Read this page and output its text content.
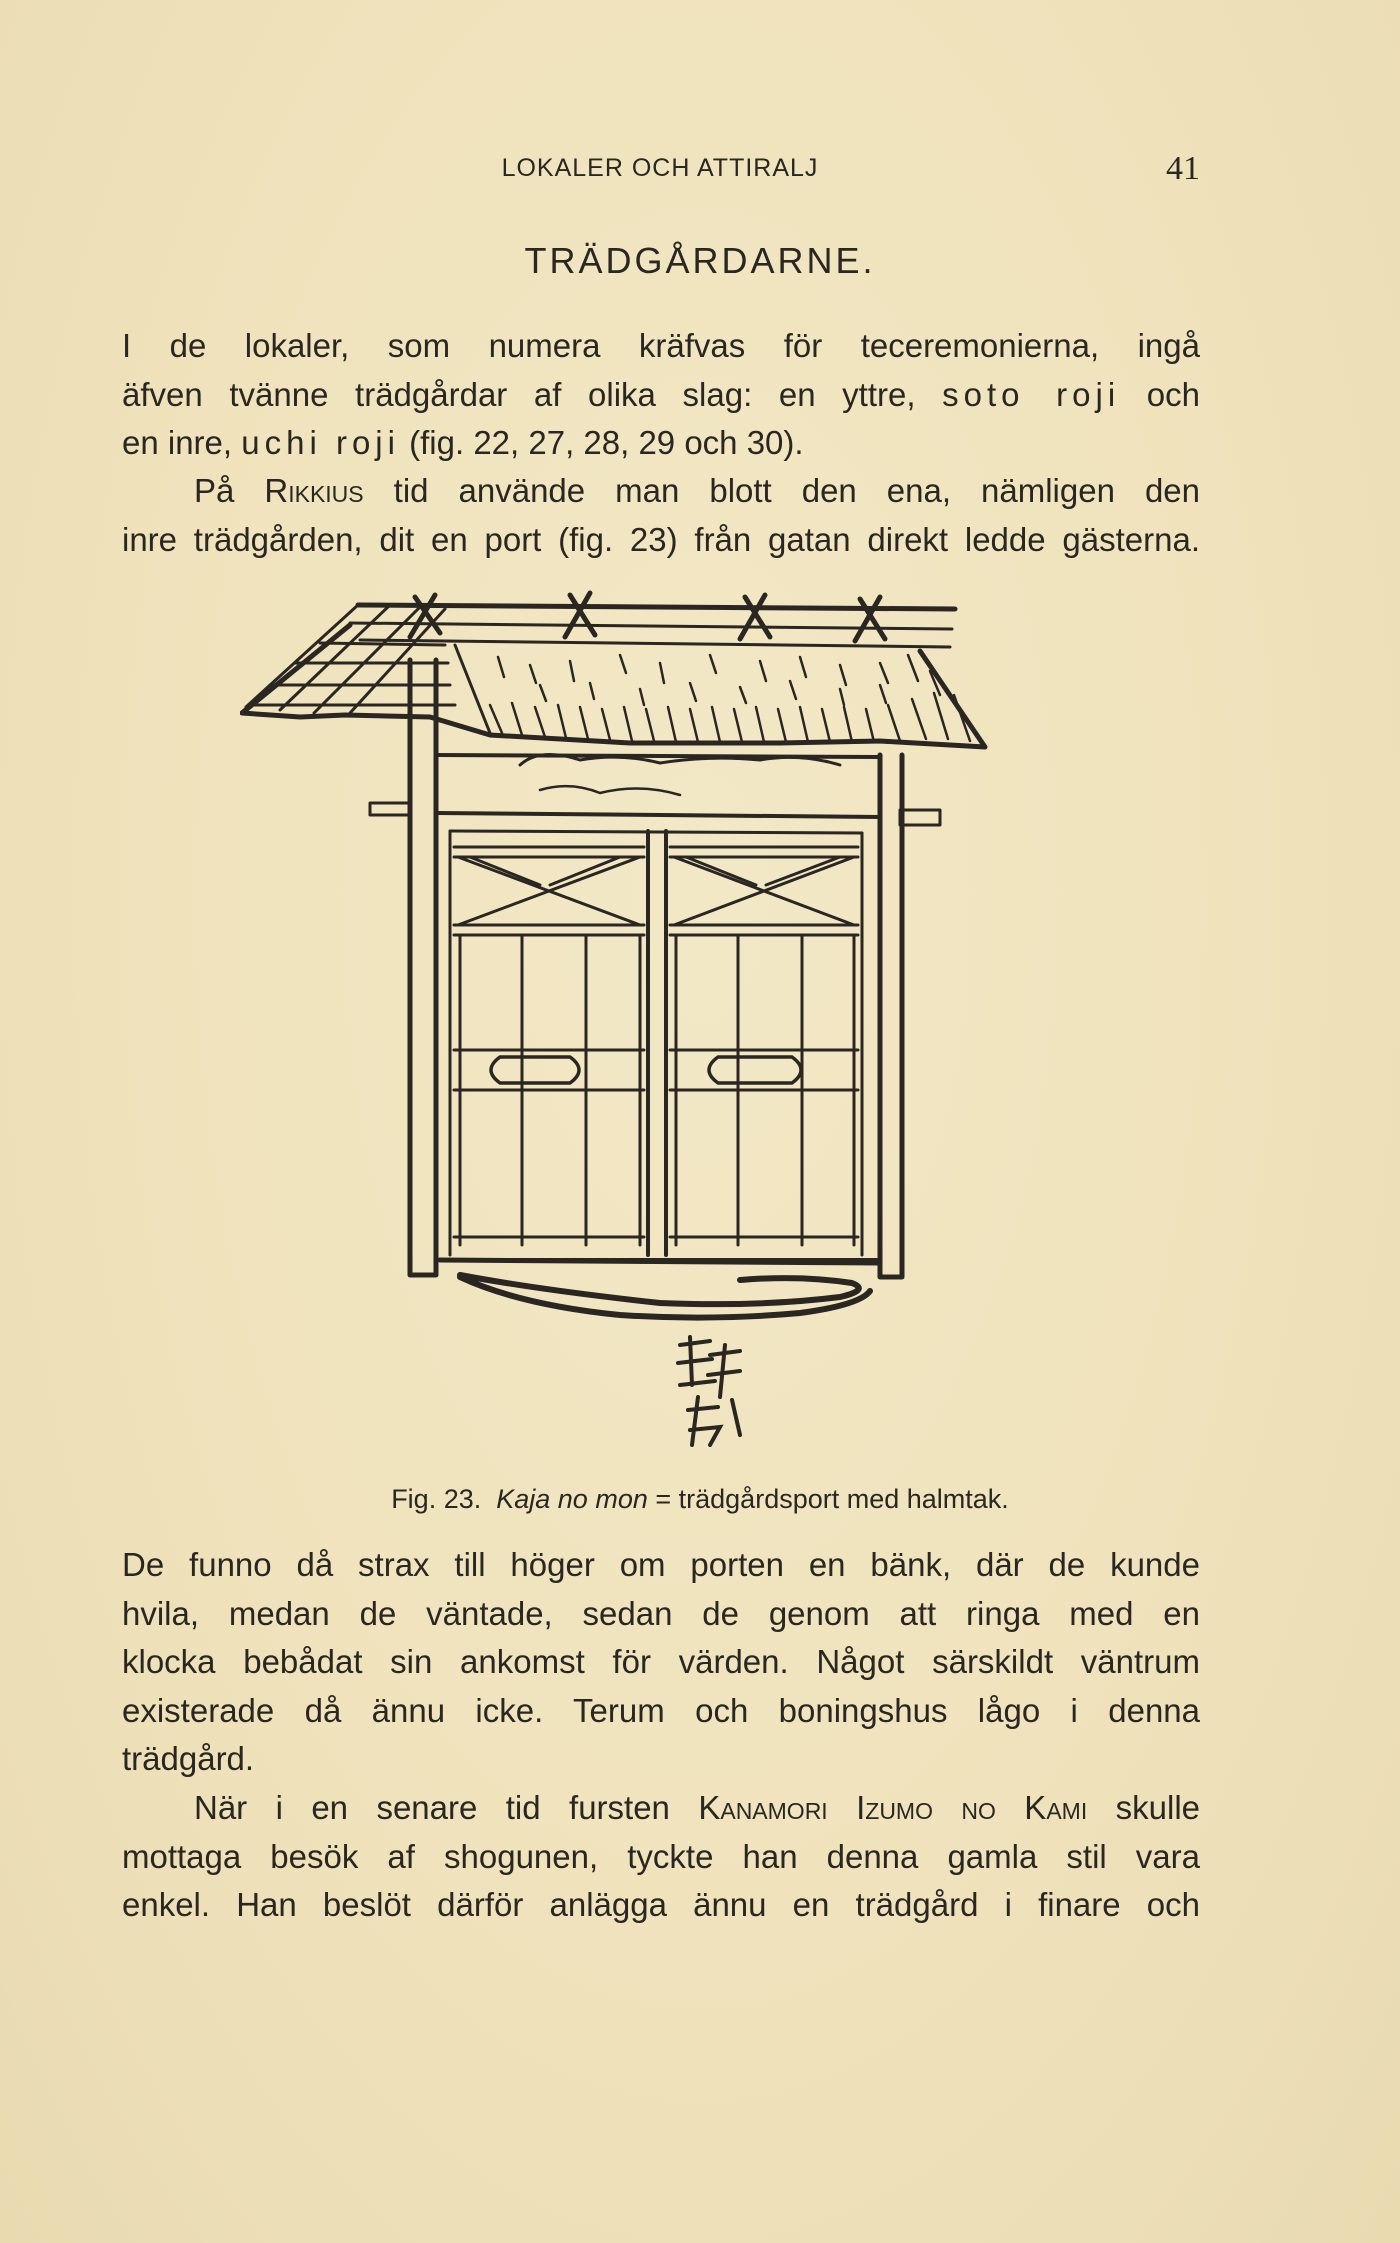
LOKALER OCH ATTIRALJ	41
TRÄDGÅRDARNE.

I de lokaler, som numera kräfvas för teceremonierna, ingå
äfven tvänne trädgårdar af olika slag: en yttre, soto roji och
en inre, uchi roji (fig. 22, 27, 28, 29 och 30).

På Rikkius tid använde man blott den ena, nämligen den
inre trädgården, dit en port (fig. 23) från gatan direkt ledde gästerna.

Fig. 23. Kaja no mon = trädgårdsport med halmtak.

De funno då strax till höger om porten en bänk, där de kunde
hvila, medan de väntade, sedan de genom att ringa med en
klocka bebådat sin ankomst för värden. Något särskildt väntrum
existerade då ännu icke. Terum och boningshus lågo i denna
trädgård.

När i en senare tid fursten Kanamori Izumo no Kami skulle
mottaga besök af shogunen, tyckte han denna gamla stil vara
enkel. Han beslöt därför anlägga ännu en trädgård i finare och
